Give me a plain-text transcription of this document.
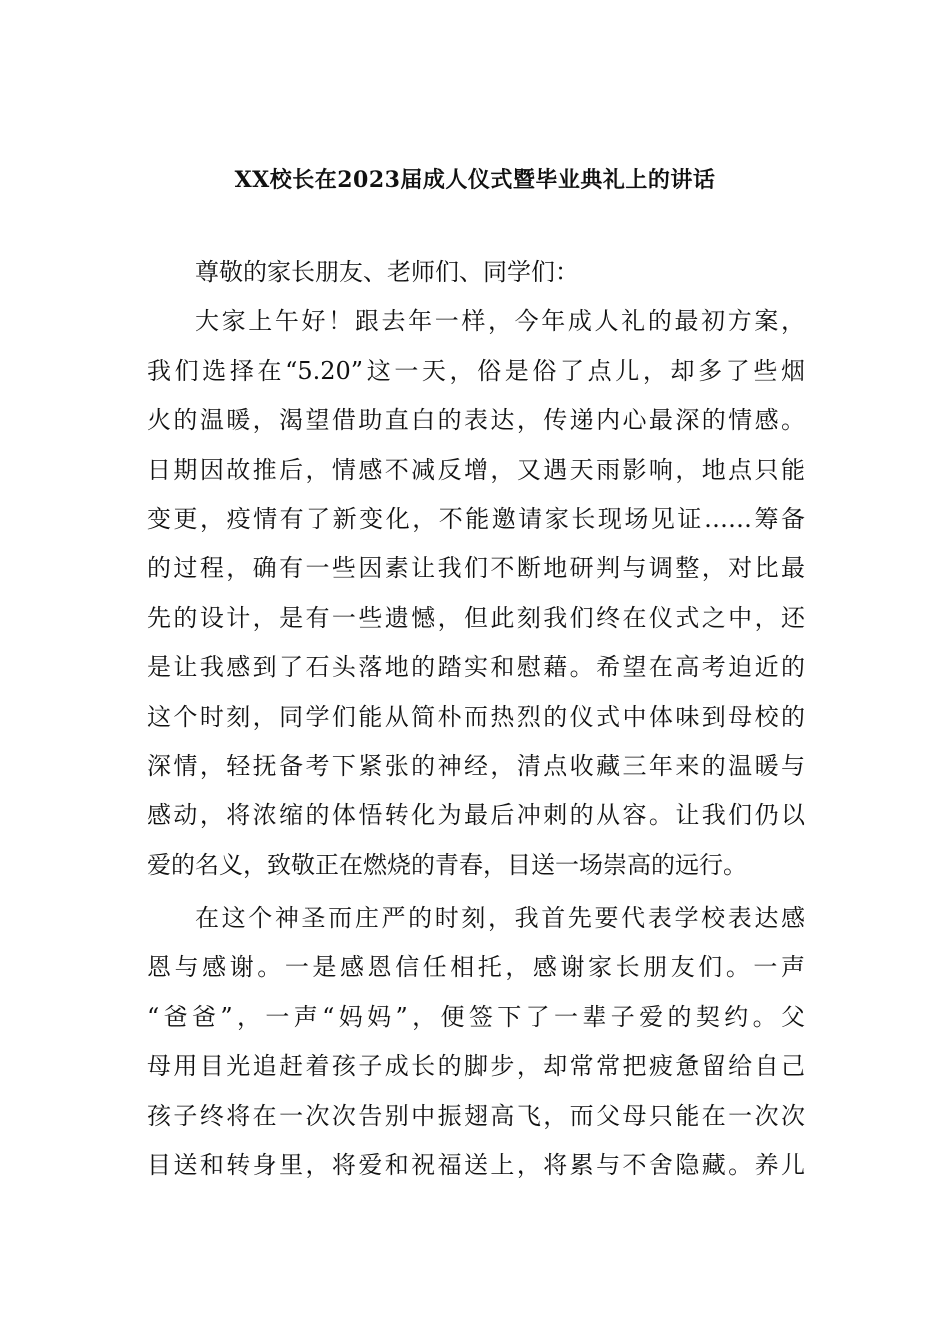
XX校长在2023届成人仪式暨毕业典礼上的讲话
尊敬的家长朋友、老师们、同学们：
大家上午好！跟去年一样，今年成人礼的最初方案，
我们选择在“5.20”这一天，俗是俗了点儿，却多了些烟
火的温暖，渴望借助直白的表达，传递内心最深的情感。
日期因故推后，情感不减反增，又遇天雨影响，地点只能
变更，疫情有了新变化，不能邀请家长现场见证……筹备
的过程，确有一些因素让我们不断地研判与调整，对比最
先的设计，是有一些遗憾，但此刻我们终在仪式之中，还
是让我感到了石头落地的踏实和慰藉。希望在高考迫近的
这个时刻，同学们能从简朴而热烈的仪式中体味到母校的
深情，轻抚备考下紧张的神经，清点收藏三年来的温暖与
感动，将浓缩的体悟转化为最后冲刺的从容。让我们仍以
爱的名义，致敬正在燃烧的青春，目送一场崇高的远行。
在这个神圣而庄严的时刻，我首先要代表学校表达感
恩与感谢。一是感恩信任相托，感谢家长朋友们。一声
“爸爸”，一声“妈妈”，便签下了一辈子爱的契约。父
母用目光追赶着孩子成长的脚步，却常常把疲惫留给自己
孩子终将在一次次告别中振翅高飞，而父母只能在一次次
目送和转身里，将爱和祝福送上，将累与不舍隐藏。养儿
